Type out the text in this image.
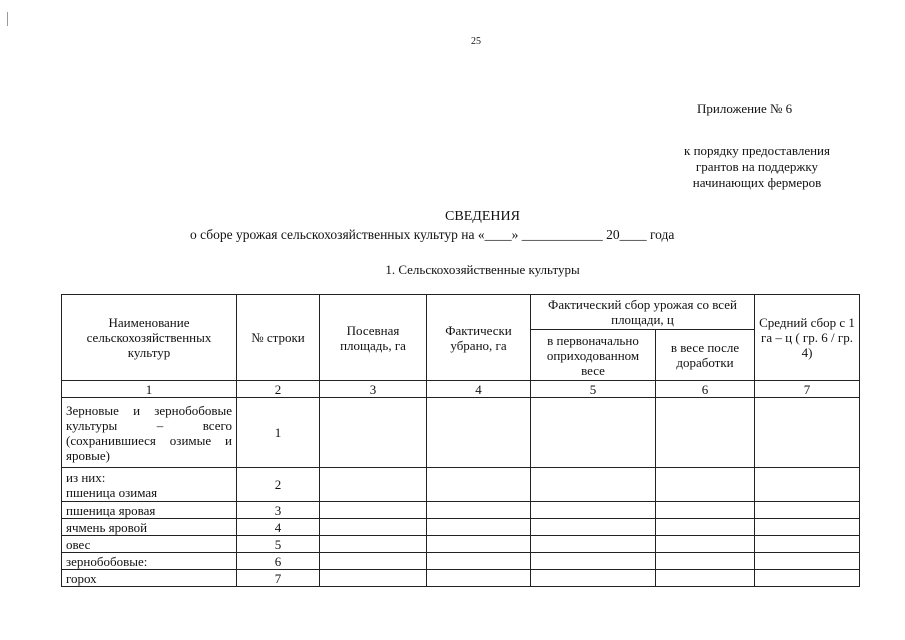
25
Приложение № 6
к порядку предоставления
грантов на поддержку
начинающих фермеров
СВЕДЕНИЯ
о сборе урожая сельскохозяйственных культур на «____» ____________ 20____ года
1. Сельскохозяйственные культуры
Наименование сельскохозяйственных культур	№ строки	Посевная площадь, га	Фактически убрано, га	Фактический сбор урожая со всей площади, ц		Средний сбор с 1 га – ц ( гр. 6 / гр. 4)
				в первоначально оприходованном весе	в весе после доработки	
1	2	3	4	5	6	7
Зерновые и зернобобовые культуры – всего (сохранившиеся озимые и яровые)	1					

из них:
пшеница озимая	2					
пшеница яровая	3					
ячмень яровой	4					
овес	5					
зернобобовые:	6					
горох	7					
